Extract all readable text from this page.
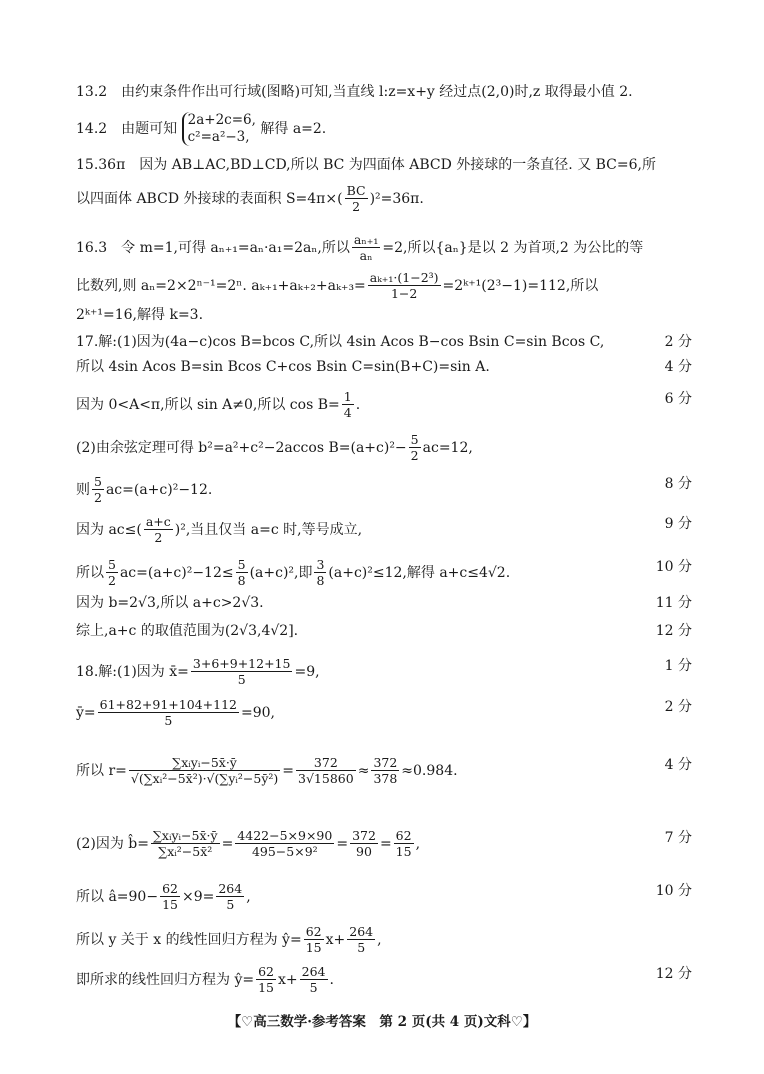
13.2　由约束条件作出可行域(图略)可知,当直线 l:z=x+y 经过点(2,0)时,z 取得最小值 2.
14.2　由题可知
2a+2c=6,
c²=a²−3, 解得 a=2.
15.36π　因为 AB⊥AC,BD⊥CD,所以 BC 为四面体 ABCD 外接球的一条直径. 又 BC=6,所
以四面体 ABCD 外接球的表面积 $S=4\pi\times( \frac{BC}{2} )^2=36\pi$.
16.3　令 m=1,可得 aₙ₊₁=aₙ·a₁=2aₙ,所以 $\frac{\text{aₙ₊₁}}{\text{aₙ}} =2$,所以{aₙ}是以 2 为首项,2 为公比的等
比数列,则 aₙ=2×2ⁿ⁻¹=2ⁿ. $a_{k+1}+a_{k+2}+a_{k+3}= \frac{\text{aₖ₊₁·(1−2³)}}{1-2}$ =2ᵏ⁺¹(2³−1)=112,所以
2ᵏ⁺¹=16,解得 k=3.
17.解:(1)因为(4a−c)cos B=bcos C,所以 4sin Acos B−cos Bsin C=sin Bcos C,	2 分
所以 4sin Acos B=sin Bcos C+cos Bsin C=sin(B+C)=sin A.	4 分
因为 0<A<π,所以 sin A≠0,所以 $\cos B= \frac{1}{4}$ .	6 分
(2)由余弦定理可得 b²=a²+c²−2accos $B=(a+c)^2- \frac{5}{2} ac=12$,
则 $\frac{5}{2} ac=(a+c)^2-12$.	8 分
因为 $ac\le( \frac{a+c}{2} )^2$,当且仅当 a=c 时,等号成立,	9 分
所以 $\frac{5}{2} ac=(a+c)^2-12\le \frac{5}{8} (a+c)^2$,即 $\frac{3}{8} (a+c)^2\le 12$,解得 a+c≤4√2.	10 分
因为 b=2√3,所以 a+c>2√3.	11 分
综上,a+c 的取值范围为(2√3,4√2].	12 分
18.解:(1)因为 x̄= $\frac{3+6+9+12+15}{5} =9$,	1 分
ȳ= $\frac{61+82+91+104+112}{5} =90$,	2 分
所以 $r= \frac{\text{∑xᵢyᵢ−5x̄·ȳ}}{\text{√(∑xᵢ²−5x̄²)·√(∑yᵢ²−5ȳ²)}} = \frac{372}{3√15860} \approx \frac{372}{378} \approx 0.984$.	4 分
(2)因为 b̂= $\frac{\text{∑xᵢyᵢ−5x̄·ȳ}}{\text{∑xᵢ²−5x̄²}} = \frac{4422-5\times 9\times 90}{\text{495−5×9²}} = \frac{372}{90} = \frac{62}{15}$ ,	7 分
所以 â=90− $\frac{62}{15} \times 9= \frac{264}{5}$ ,	10 分
所以 y 关于 x 的线性回归方程为 ŷ= $\frac{62}{15} x+ \frac{264}{5}$ ,
即所求的线性回归方程为 ŷ= $\frac{62}{15} x+ \frac{264}{5}$ .	12 分
【♡高三数学·参考答案　第 2 页(共 4 页)文科♡】
